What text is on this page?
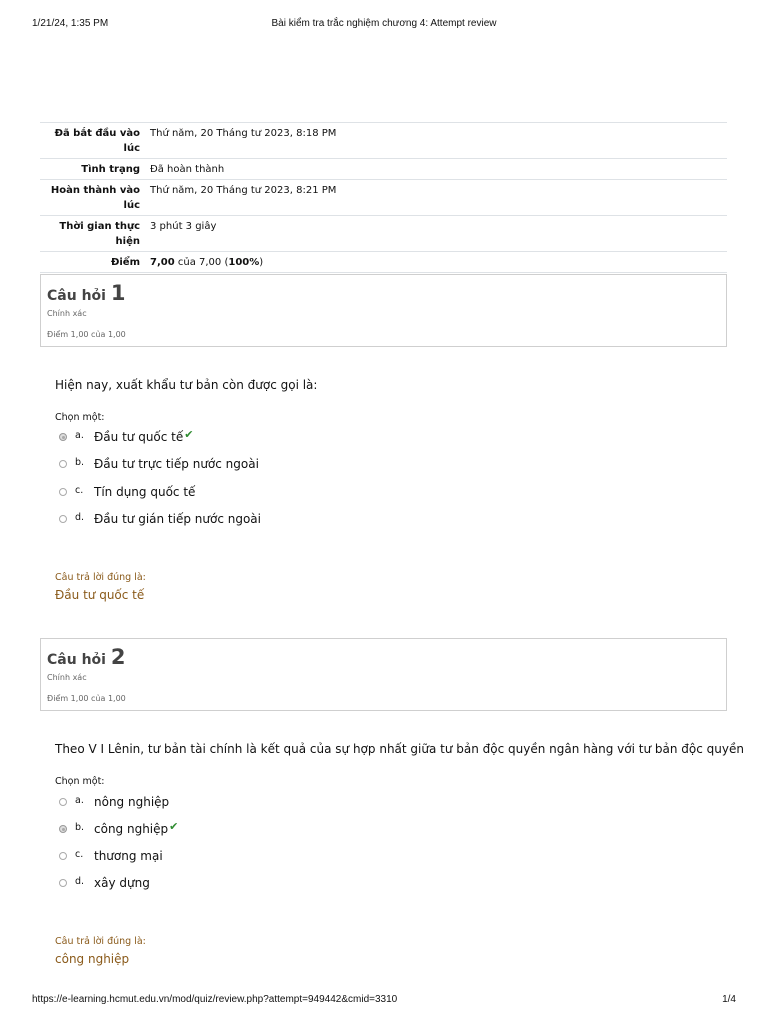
1/21/24, 1:35 PM	Bài kiểm tra trắc nghiệm chương 4: Attempt review
Đã bắt đầu vào lúc	Thứ năm, 20 Tháng tư 2023, 8:18 PM
Tình trạng	Đã hoàn thành
Hoàn thành vào lúc	Thứ năm, 20 Tháng tư 2023, 8:21 PM
Thời gian thực hiện	3 phút 3 giây
Điểm	7,00 của 7,00 (100%)
Câu hỏi 1
Chính xác
Điểm 1,00 của 1,00
Hiện nay, xuất khẩu tư bản còn được gọi là:
Chọn một:
a. Đầu tư quốc tế✔
b. Đầu tư trực tiếp nước ngoài
c. Tín dụng quốc tế
d. Đầu tư gián tiếp nước ngoài
Câu trả lời đúng là:
Đầu tư quốc tế
Câu hỏi 2
Chính xác
Điểm 1,00 của 1,00
Theo V I Lênin, tư bản tài chính là kết quả của sự hợp nhất giữa tư bản độc quyền ngân hàng với tư bản độc quyền
Chọn một:
a. nông nghiệp
b. công nghiệp✔
c. thương mại
d. xây dựng
Câu trả lời đúng là:
công nghiệp
https://e-learning.hcmut.edu.vn/mod/quiz/review.php?attempt=949442&cmid=3310	1/4
